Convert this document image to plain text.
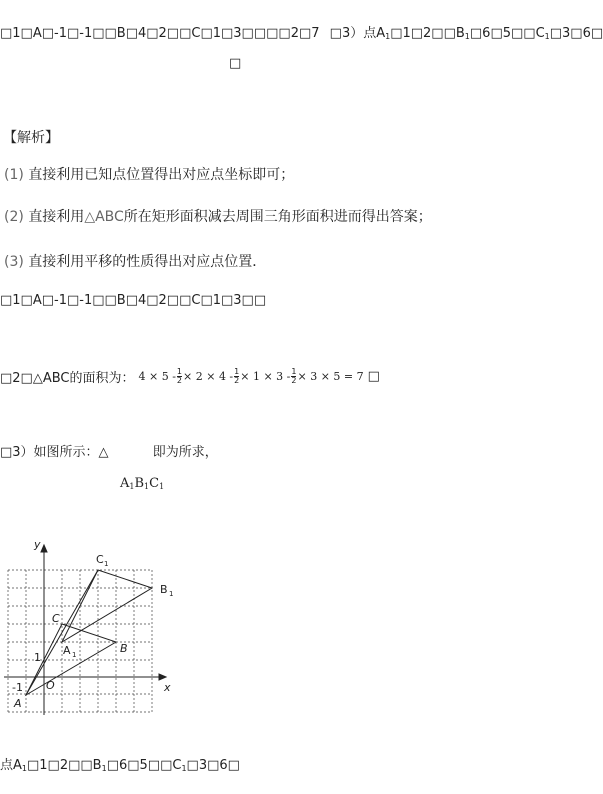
□1□A□-1□-1□□B□4□2□□C□1□3□□□□2□7 □3）点$A_1□1□2□□B_1□6□5□□C_1□3□6□$
□
【解析】
(1) 直接利用已知点位置得出对应点坐标即可；
(2) 直接利用△ABC所在矩形面积减去周围三角形面积进而得出答案；
(3) 直接利用平移的性质得出对应点位置．
□1□A□-1□-1□□B□4□2□□C□1□3□□
□2□△ABC的面积为： $4 \times 5 - \frac{1}{2} \times 2 \times 4 - \frac{1}{2} \times 1 \times 3 - \frac{1}{2} \times 3 \times 5 = 7$ □
□3）如图所示：△	即为所求，
$A_1B_1C_1$
y
x
O
1
-1
A
B
C
A 1
B 1
C 1
点$A_1□1□2□□B_1□6□5□□C_1□3□6□$
